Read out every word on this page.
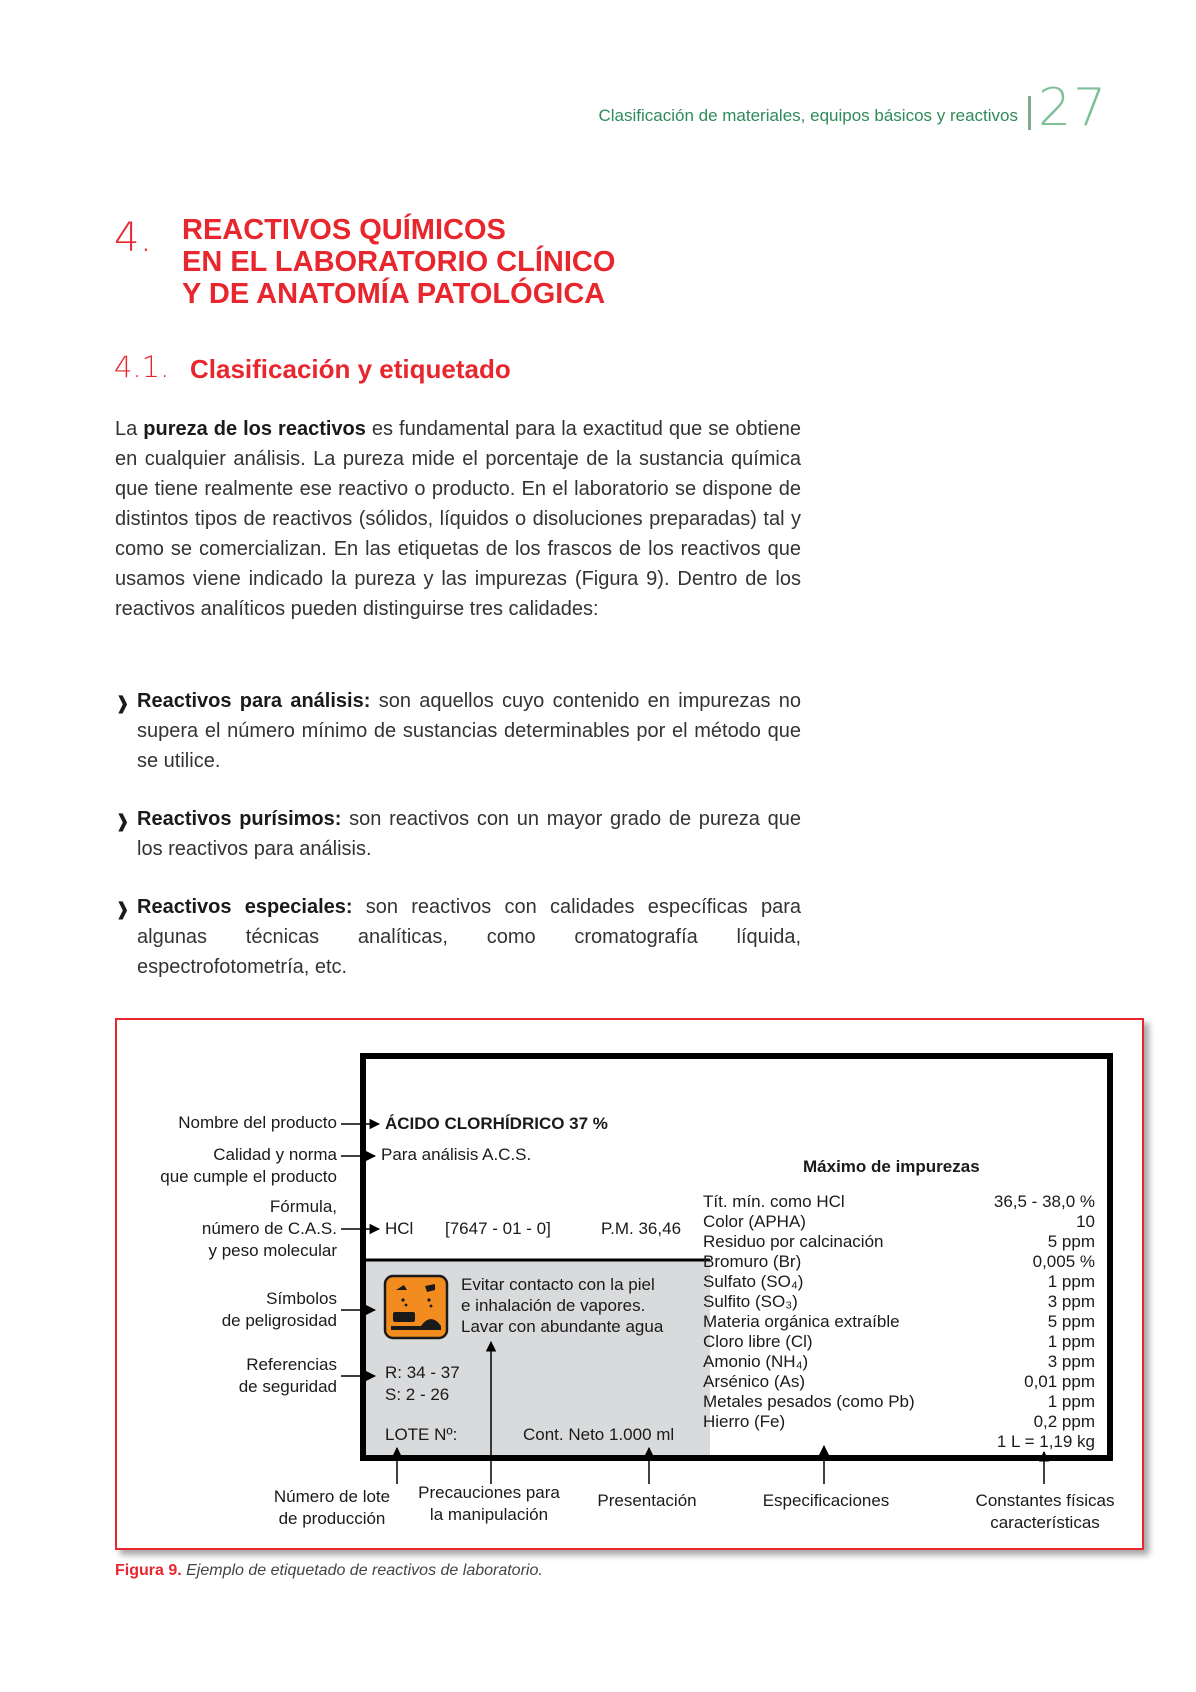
Clasificación de materiales, equipos básicos y reactivos 27
4. REACTIVOS QUÍMICOS
EN EL LABORATORIO CLÍNICO
Y DE ANATOMÍA PATOLÓGICA
4.1. Clasificación y etiquetado

La pureza de los reactivos es fundamental para la exactitud que se obtiene en cualquier análisis. La pureza mide el porcentaje de la sustancia química que tiene realmente ese reactivo o producto. En el laboratorio se dispone de distintos tipos de reactivos (sólidos, líquidos o disoluciones preparadas) tal y como se comercializan. En las etiquetas de los frascos de los reactivos que usamos viene indicado la pureza y las impurezas (Figura 9). Dentro de los reactivos analíticos pueden distinguirse tres calidades:

❱ Reactivos para análisis: son aquellos cuyo contenido en impurezas no supera el número mínimo de sustancias determinables por el método que se utilice.
❱ Reactivos purísimos: son reactivos con un mayor grado de pureza que los reactivos para análisis.
❱ Reactivos especiales: son reactivos con calidades específicas para algunas técnicas analíticas, como cromatografía líquida, espectrofotometría, etc.
Nombre del producto
Calidad y norma
que cumple el producto
Fórmula,
número de C.A.S.
y peso molecular
Símbolos
de peligrosidad
Referencias
de seguridad
ÁCIDO CLORHÍDRICO 37 %
Para análisis A.C.S.
HCl [7647 - 01 - 0]	P.M. 36,46
Evitar contacto con la piel
e inhalación de vapores.
Lavar con abundante agua
R: 34 - 37
S: 2 - 26
LOTE Nº:	Cont. Neto 1.000 ml
Máximo de impurezas
Tít. mín. como HCl	36,5 - 38,0 %
Color (APHA)	10
Residuo por calcinación	5 ppm
Bromuro (Br)	0,005 %
Sulfato (SO₄)	1 ppm
Sulfito (SO₃)	3 ppm
Materia orgánica extraíble	5 ppm
Cloro libre (Cl)	1 ppm
Amonio (NH₄)	3 ppm
Arsénico (As)	0,01 ppm
Metales pesados (como Pb)	1 ppm
Hierro (Fe)	0,2 ppm
1 L = 1,19 kg
Número de lote
de producción
Precauciones para
la manipulación
Presentación	Especificaciones	Constantes físicas
características
Figura 9. Ejemplo de etiquetado de reactivos de laboratorio.
